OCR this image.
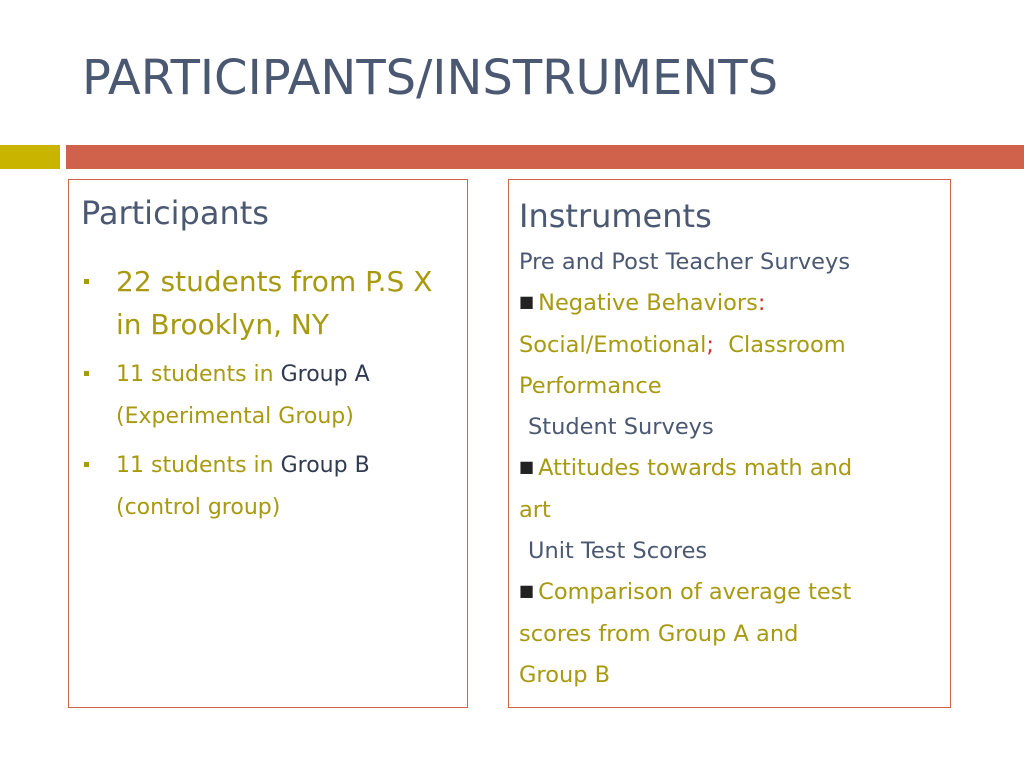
PARTICIPANTS/INSTRUMENTS
Participants
22 students from P.S X in Brooklyn, NY
11 students in Group A
(Experimental Group)
11 students in Group B
(control group)
Instruments
Pre and Post Teacher Surveys
■ Negative Behaviors:
Social/Emotional; Classroom
Performance
Student Surveys
■ Attitudes towards math and
art
Unit Test Scores
■ Comparison of average test
scores from Group A and
Group B
